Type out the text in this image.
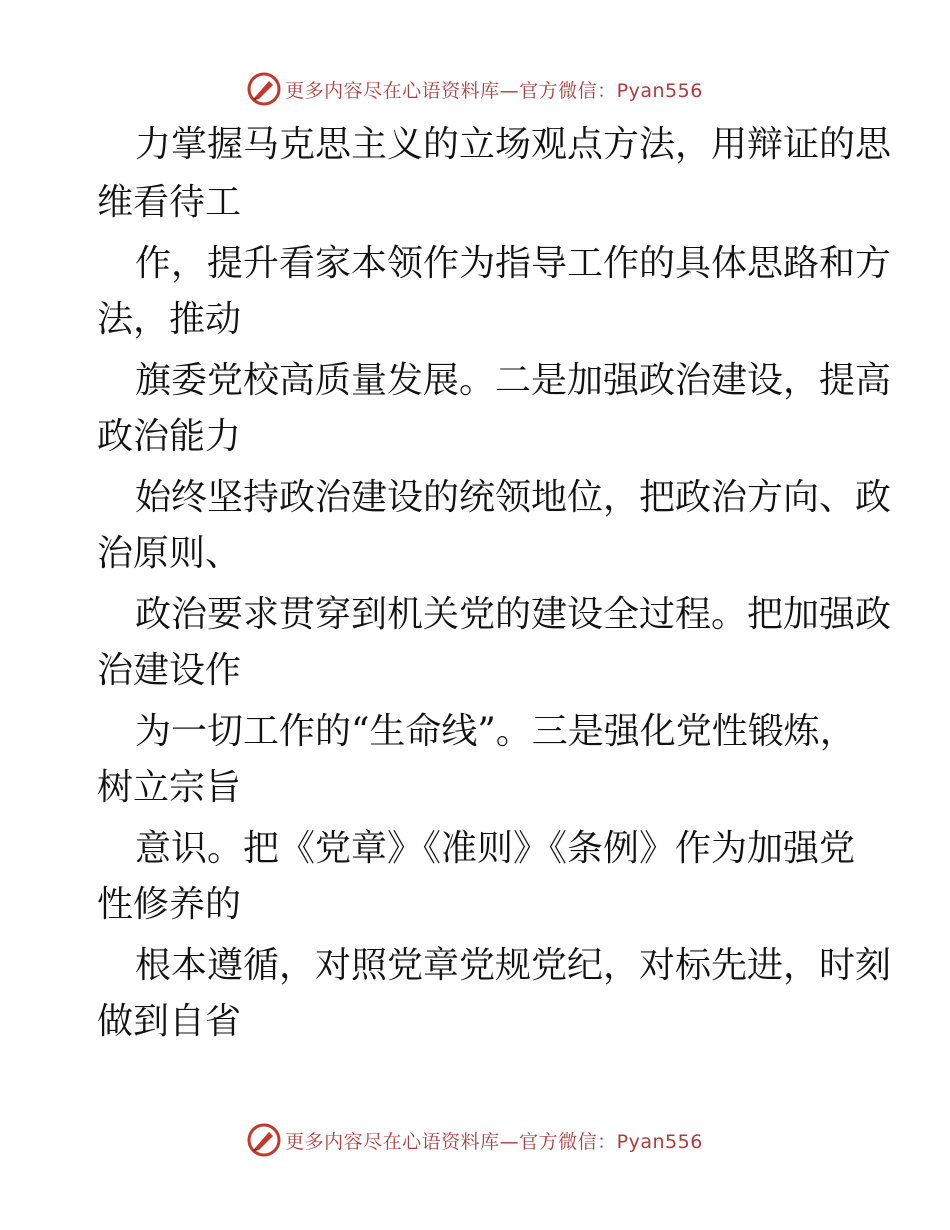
更多内容尽在心语资料库—官方微信：Pyan556
力掌握马克思主义的立场观点方法，用辩证的思
维看待工
作，提升看家本领作为指导工作的具体思路和方
法，推动
旗委党校高质量发展。二是加强政治建设，提高
政治能力
始终坚持政治建设的统领地位，把政治方向、政
治原则、
政治要求贯穿到机关党的建设全过程。把加强政
治建设作
为一切工作的“生命线”。三是强化党性锻炼，
树立宗旨
意识。把《党章》《准则》《条例》作为加强党
性修养的
根本遵循，对照党章党规党纪，对标先进，时刻
做到自省
更多内容尽在心语资料库—官方微信：Pyan556
